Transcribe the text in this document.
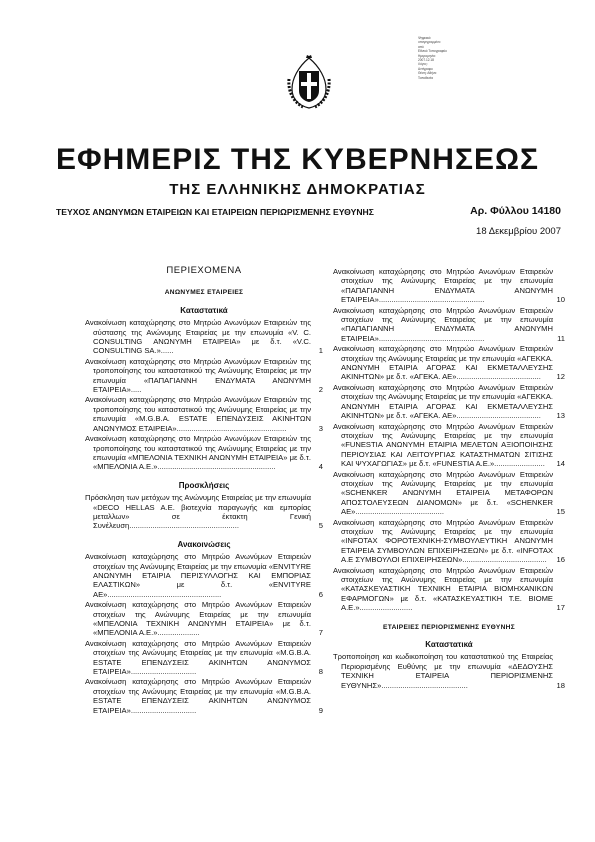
Ψηφιακά
υπογεγραμμένο
από
Εθνικό Τυπογραφείο
Ημερομηνία:
2007.12.18
Λόγος:
Αντίγραφο
Θέση: Αθήνα
Τοποθεσία
ΕΦΗΜΕΡΙΣ ΤΗΣ ΚΥΒΕΡΝΗΣΕΩΣ
ΤΗΣ ΕΛΛΗΝΙΚΗΣ ΔΗΜΟΚΡΑΤΙΑΣ
ΤΕΥΧΟΣ ΑΝΩΝΥΜΩΝ ΕΤΑΙΡΕΙΩΝ ΚΑΙ ΕΤΑΙΡΕΙΩΝ ΠΕΡΙΩΡΙΣΜΕΝΗΣ ΕΥΘΥΝΗΣ	Αρ. Φύλλου 14180
18 Δεκεμβρίου 2007
ΠΕΡΙΕΧΟΜΕΝΑ
ΑΝΩΝΥΜΕΣ ΕΤΑΙΡΕΙΕΣ
Καταστατικά
Ανακοίνωση καταχώρησης στο Μητρώο Ανωνύμων Εταιρειών της σύστασης της Ανώνυμης Εταιρείας με την επωνυμία «V. C. CONSULTING ΑΝΩΝΥΜΗ ΕΤΑΙΡΕΙΑ» με δ.τ. «V.C. CONSULTING SA.»......	1
Ανακοίνωση καταχώρησης στο Μητρώο Ανωνύμων Εταιρειών της τροποποίησης του καταστατικού της Ανώνυμης Εταιρείας με την επωνυμία «ΠΑΠΑΓΙΑΝΝΗ ΕΝΔΥΜΑΤΑ ΑΝΩΝΥΜΗ ΕΤΑΙΡΕΙΑ».....	2
Ανακοίνωση καταχώρησης στο Μητρώο Ανωνύμων Εταιρειών της τροποποίησης του καταστατικού της Ανώνυμης Εταιρείας με την επωνυμία «M.G.B.A. ESTATE ΕΠΕΝΔΥΣΕΙΣ ΑΚΙΝΗΤΩΝ ΑΝΩΝΥΜΟΣ ΕΤΑΙΡΕΙΑ»....................................................	3
Ανακοίνωση καταχώρησης στο Μητρώο Ανωνύμων Εταιρειών της τροποποίησης του καταστατικού της Ανώνυμης Εταιρείας με την επωνυμία «ΜΠΕΛΟΝΙΑ ΤΕΧΝΙΚΗ ΑΝΩΝΥΜΗ ΕΤΑΙΡΕΙΑ» με δ.τ. «ΜΠΕΛΟΝΙΑ Α.Ε.»........................................................	4
Προσκλήσεις
Πρόσκληση των μετόχων της Ανώνυμης Εταιρείας με την επωνυμία «DECO HELLAS A.E. βιοτεχνία παραγωγής και εμπορίας μεταλλων» σε έκτακτη Γενική Συνέλευση....................................................	5
Ανακοινώσεις
Ανακοίνωση καταχώρησης στο Μητρώο Ανωνύμων Εταιρειών στοιχείων της Ανώνυμης Εταιρείας με την επωνυμία «ENVITYRE ΑΝΩΝΥΜΗ ΕΤΑΙΡΙΑ ΠΕΡΙΣΥΛΛΟΓΗΣ ΚΑΙ ΕΜΠΟΡΙΑΣ ΕΛΑΣΤΙΚΩΝ» με δ.τ. «ENVITYRE AE»......................................................	6
Ανακοίνωση καταχώρησης στο Μητρώο Ανωνύμων Εταιρειών στοιχείων της Ανώνυμης Εταιρείας με την επωνυμία «ΜΠΕΛΟΝΙΑ ΤΕΧΝΙΚΗ ΑΝΩΝΥΜΗ ΕΤΑΙΡΕΙΑ» με δ.τ. «ΜΠΕΛΟΝΙΑ Α.Ε.»....................	7
Ανακοίνωση καταχώρησης στο Μητρώο Ανωνύμων Εταιρειών στοιχείων της Ανώνυμης Εταιρείας με την επωνυμία «M.G.B.A. ESTATE ΕΠΕΝΔΥΣΕΙΣ ΑΚΙΝΗΤΩΝ ΑΝΩΝΥΜΟΣ ΕΤΑΙΡΕΙΑ»...............................	8
Ανακοίνωση καταχώρησης στο Μητρώο Ανωνύμων Εταιρειών στοιχείων της Ανώνυμης Εταιρείας με την επωνυμία «M.G.B.A. ESTATE ΕΠΕΝΔΥΣΕΙΣ ΑΚΙΝΗΤΩΝ ΑΝΩΝΥΜΟΣ ΕΤΑΙΡΕΙΑ»...............................	9
Ανακοίνωση καταχώρησης στο Μητρώο Ανωνύμων Εταιρειών στοιχείων της Ανώνυμης Εταιρείας με την επωνυμία «ΠΑΠΑΓΙΑΝΝΗ ΕΝΔΥΜΑΤΑ ΑΝΩΝΥΜΗ ΕΤΑΙΡΕΙΑ»..................................................	10
Ανακοίνωση καταχώρησης στο Μητρώο Ανωνύμων Εταιρειών στοιχείων της Ανώνυμης Εταιρείας με την επωνυμία «ΠΑΠΑΓΙΑΝΝΗ ΕΝΔΥΜΑΤΑ ΑΝΩΝΥΜΗ ΕΤΑΙΡΕΙΑ»..................................................	11
Ανακοίνωση καταχώρησης στο Μητρώο Ανωνύμων Εταιρειών στοιχείων της Ανώνυμης Εταιρείας με την επωνυμία «ΑΓΕΚΚΑ. ΑΝΩΝΥΜΗ ΕΤΑΙΡΙΑ ΑΓΟΡΑΣ ΚΑΙ ΕΚΜΕΤΑΛΛΕΥΣΗΣ ΑΚΙΝΗΤΩΝ» με δ.τ. «ΑΓΕΚΑ. ΑΕ»........................................ 12
Ανακοίνωση καταχώρησης στο Μητρώο Ανωνύμων Εταιρειών στοιχείων της Ανώνυμης Εταιρείας με την επωνυμία «ΑΓΕΚΚΑ. ΑΝΩΝΥΜΗ ΕΤΑΙΡΙΑ ΑΓΟΡΑΣ ΚΑΙ ΕΚΜΕΤΑΛΛΕΥΣΗΣ ΑΚΙΝΗΤΩΝ» με δ.τ. «ΑΓΕΚΑ. ΑΕ»........................................ 13
Ανακοίνωση καταχώρησης στο Μητρώο Ανωνύμων Εταιρειών στοιχείων της Ανώνυμης Εταιρείας με την επωνυμία «FUNESTIA ΑΝΩΝΥΜΗ ΕΤΑΙΡΙΑ ΜΕΛΕΤΩΝ ΑΞΙΟΠΟΙΗΣΗΣ ΠΕΡΙΟΥΣΙΑΣ ΚΑΙ ΛΕΙΤΟΥΡΓΙΑΣ ΚΑΤΑΣΤΗΜΑΤΩΝ ΣΙΤΙΣΗΣ ΚΑΙ ΨΥΧΑΓΩΓΙΑΣ» με δ.τ. «FUNESTIA A.E.»........................ 14
Ανακοίνωση καταχώρησης στο Μητρώο Ανωνύμων Εταιρειών στοιχείων της Ανώνυμης Εταιρείας με την επωνυμία «SCHENKER ΑΝΩΝΥΜΗ ΕΤΑΙΡΕΙΑ ΜΕΤΑΦΟΡΩΝ ΑΠΟΣΤΟΛΕΥΣΕΩΝ ΔΙΑΝΟΜΩΝ» με δ.τ. «SCHENKER AE»..........................................	15
Ανακοίνωση καταχώρησης στο Μητρώο Ανωνύμων Εταιρειών στοιχείων της Ανώνυμης Εταιρείας με την επωνυμία «INFOTAX ΦΟΡΟΤΕΧΝΙΚΗ-ΣΥΜΒΟΥΛΕΥΤΙΚΗ ΑΝΩΝΥΜΗ ΕΤΑΙΡΕΙΑ ΣΥΜΒΟΥΛΩΝ ΕΠΙΧΕΙΡΗΣΕΩΝ» με δ.τ. «INFOTAX A.E ΣΥΜΒΟΥΛΟΙ ΕΠΙΧΕΙΡΗΣΕΩΝ»........................................ 16
Ανακοίνωση καταχώρησης στο Μητρώο Ανωνύμων Εταιρειών στοιχείων της Ανώνυμης Εταιρείας με την επωνυμία «ΚΑΤΑΣΚΕΥΑΣΤΙΚΗ ΤΕΧΝΙΚΗ ΕΤΑΙΡΙΑ ΒΙΟΜΗΧΑΝΙΚΩΝ ΕΦΑΡΜΟΓΩΝ» με δ.τ. «ΚΑΤΑΣΚΕΥΑΣΤΙΚΗ Τ.Ε. ΒΙΟΜΕ Α.Ε.».........................	17
ΕΤΑΙΡΕΙΕΣ ΠΕΡΙΟΡΙΣΜΕΝΗΣ ΕΥΘΥΝΗΣ
Καταστατικά
Τροποποίηση και κωδικοποίηση του καταστατικού της Εταιρείας Περιορισμένης Ευθύνης με την επωνυμία «ΔΕΔΟΥΣΗΣ ΤΕΧΝΙΚΗ ΕΤΑΙΡΕΙΑ ΠΕΡΙΟΡΙΣΜΕΝΗΣ ΕΥΘΥΝΗΣ».........................................	18
